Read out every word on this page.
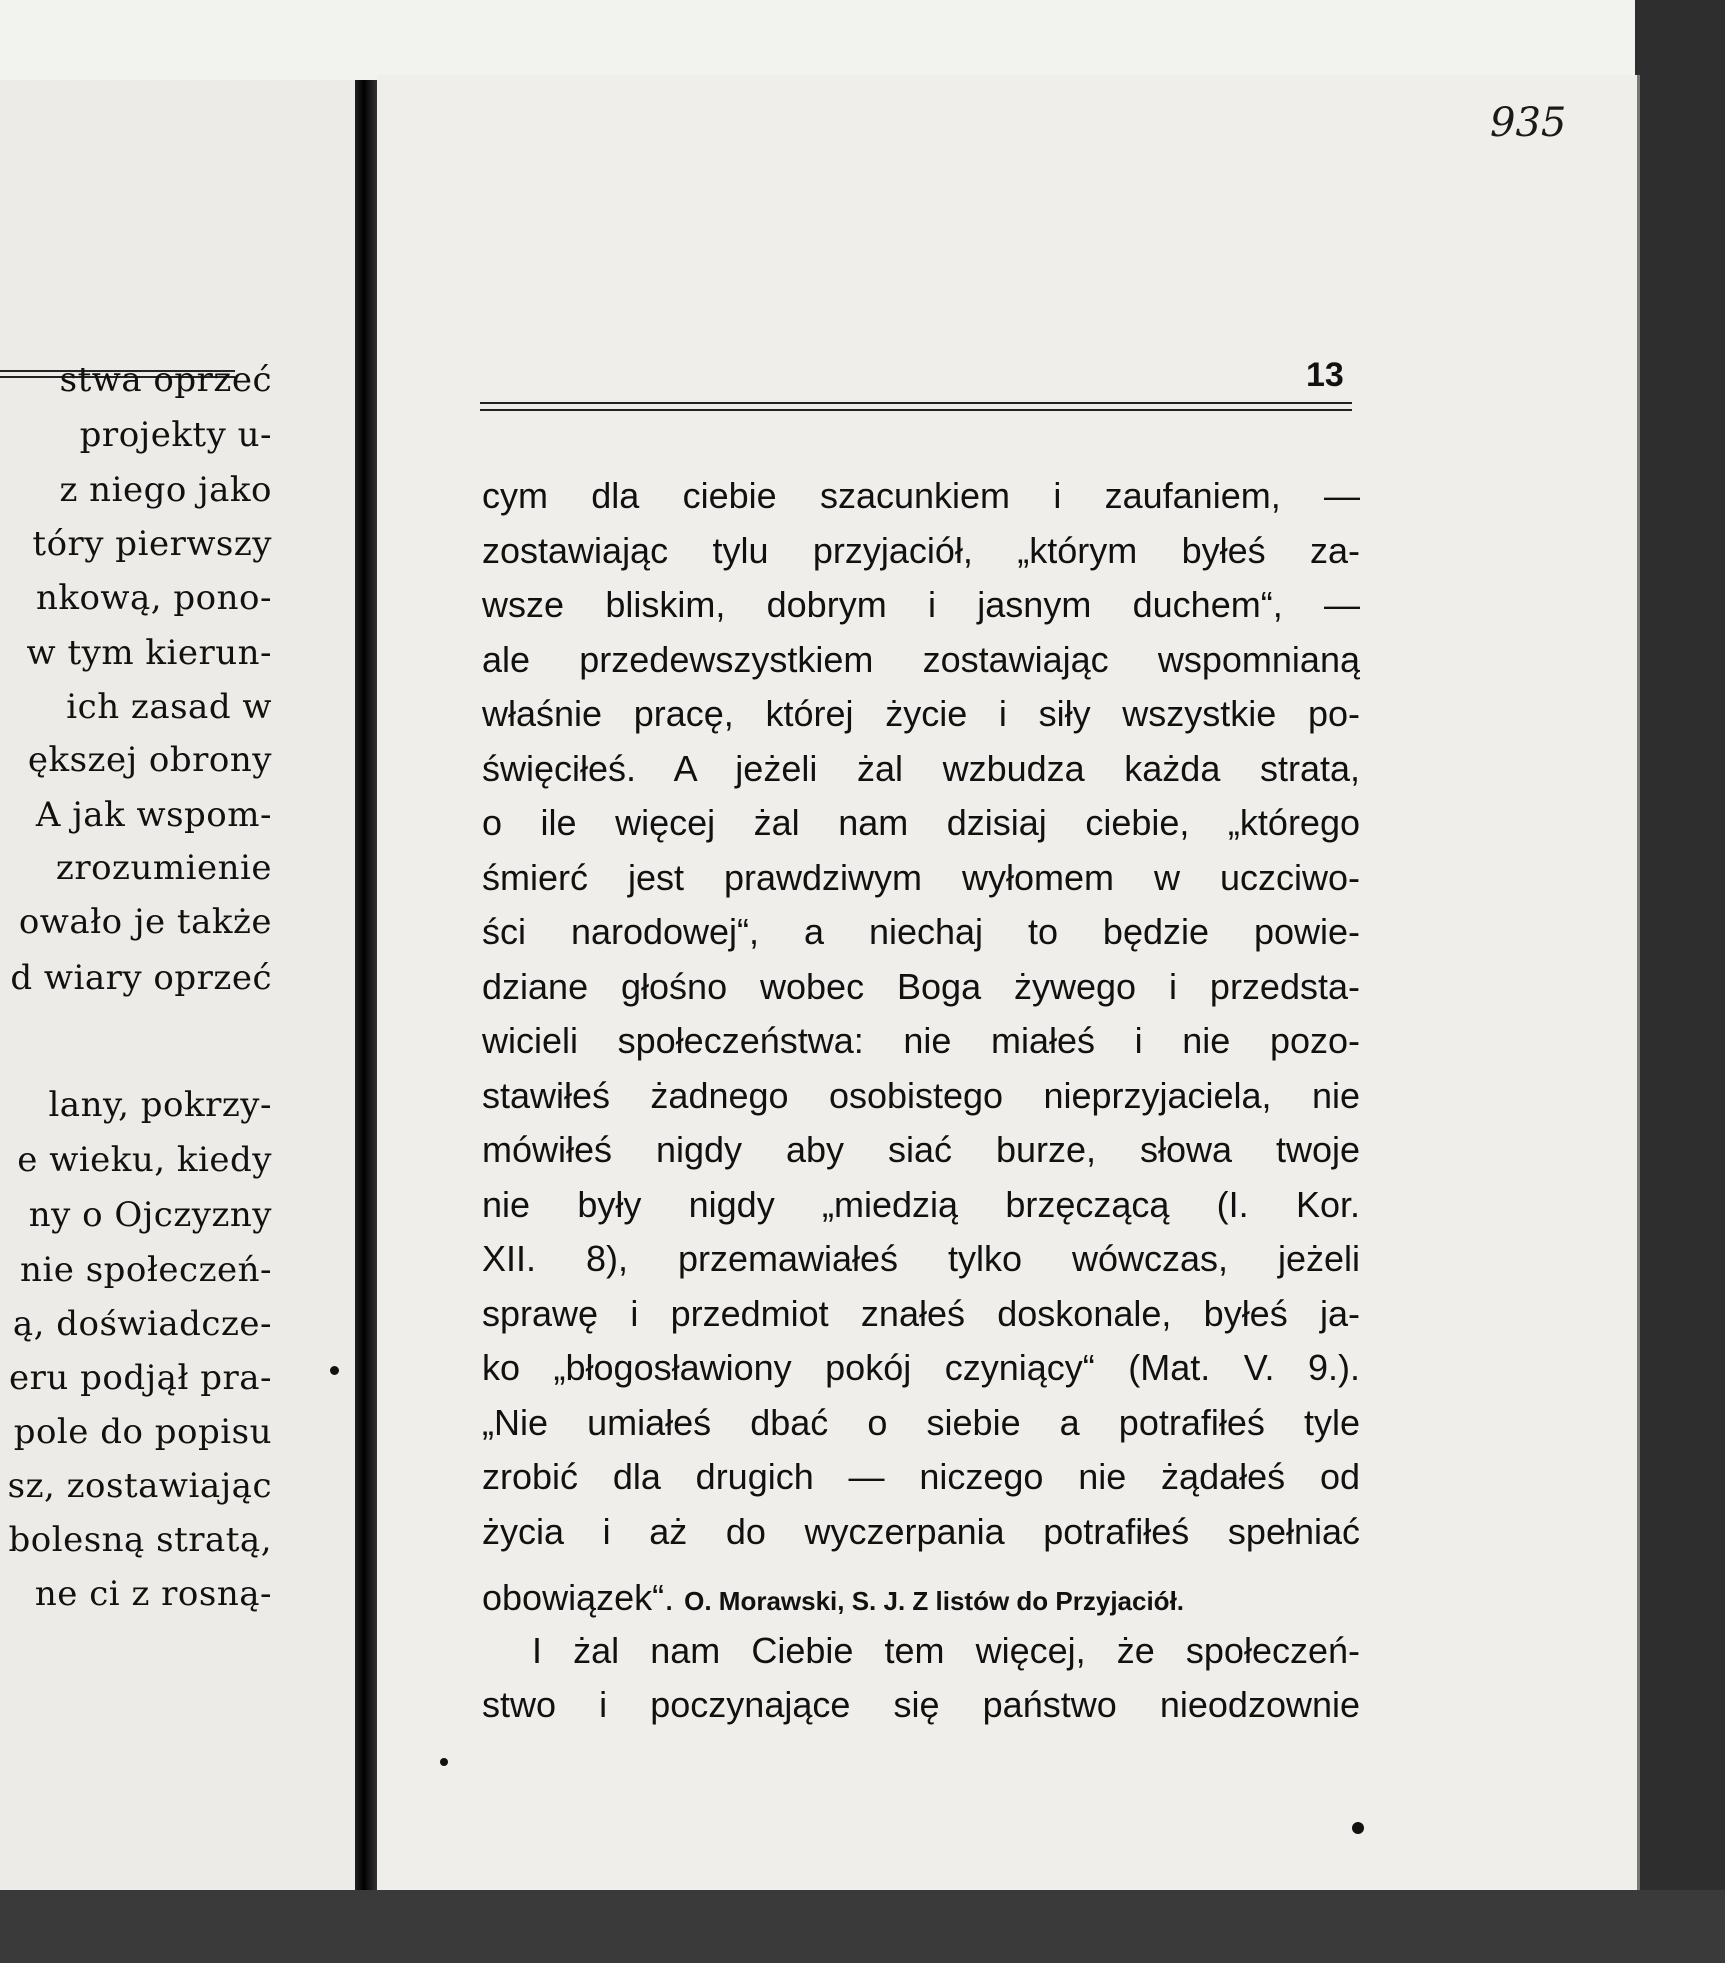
stwa oprzeć
projekty u-
z niego jako
tóry pierwszy
nkową, pono-
w tym kierun-
ich zasad w
ększej obrony
A jak wspom-
zrozumienie
owało je także
d wiary oprzeć
lany, pokrzy-
e wieku, kiedy
ny o Ojczyzny
nie społeczeń-
ą, doświadcze-
eru podjął pra-
pole do popisu
sz, zostawiając
bolesną stratą,
ne ci z rosną-
935
13
cym dla ciebie szacunkiem i zaufaniem, —
zostawiając tylu przyjaciół, „którym byłeś za-
wsze bliskim, dobrym i jasnym duchem“, —
ale przedewszystkiem zostawiając wspomnianą
właśnie pracę, której życie i siły wszystkie po-
święciłeś. A jeżeli żal wzbudza każda strata,
o ile więcej żal nam dzisiaj ciebie, „którego
śmierć jest prawdziwym wyłomem w uczciwo-
ści narodowej“, a niechaj to będzie powie-
dziane głośno wobec Boga żywego i przedsta-
wicieli społeczeństwa: nie miałeś i nie pozo-
stawiłeś żadnego osobistego nieprzyjaciela, nie
mówiłeś nigdy aby siać burze, słowa twoje
nie były nigdy „miedzią brzęczącą (I. Kor.
XII. 8), przemawiałeś tylko wówczas, jeżeli
sprawę i przedmiot znałeś doskonale, byłeś ja-
ko „błogosławiony pokój czyniący“ (Mat. V. 9.).
„Nie umiałeś dbać o siebie a potrafiłeś tyle
zrobić dla drugich — niczego nie żądałeś od
życia i aż do wyczerpania potrafiłeś spełniać
I żal nam Ciebie tem więcej, że społeczeń-
stwo i poczynające się państwo nieodzownie
obowiązek“. O. Morawski, S. J. Z listów do Przyjaciół.
